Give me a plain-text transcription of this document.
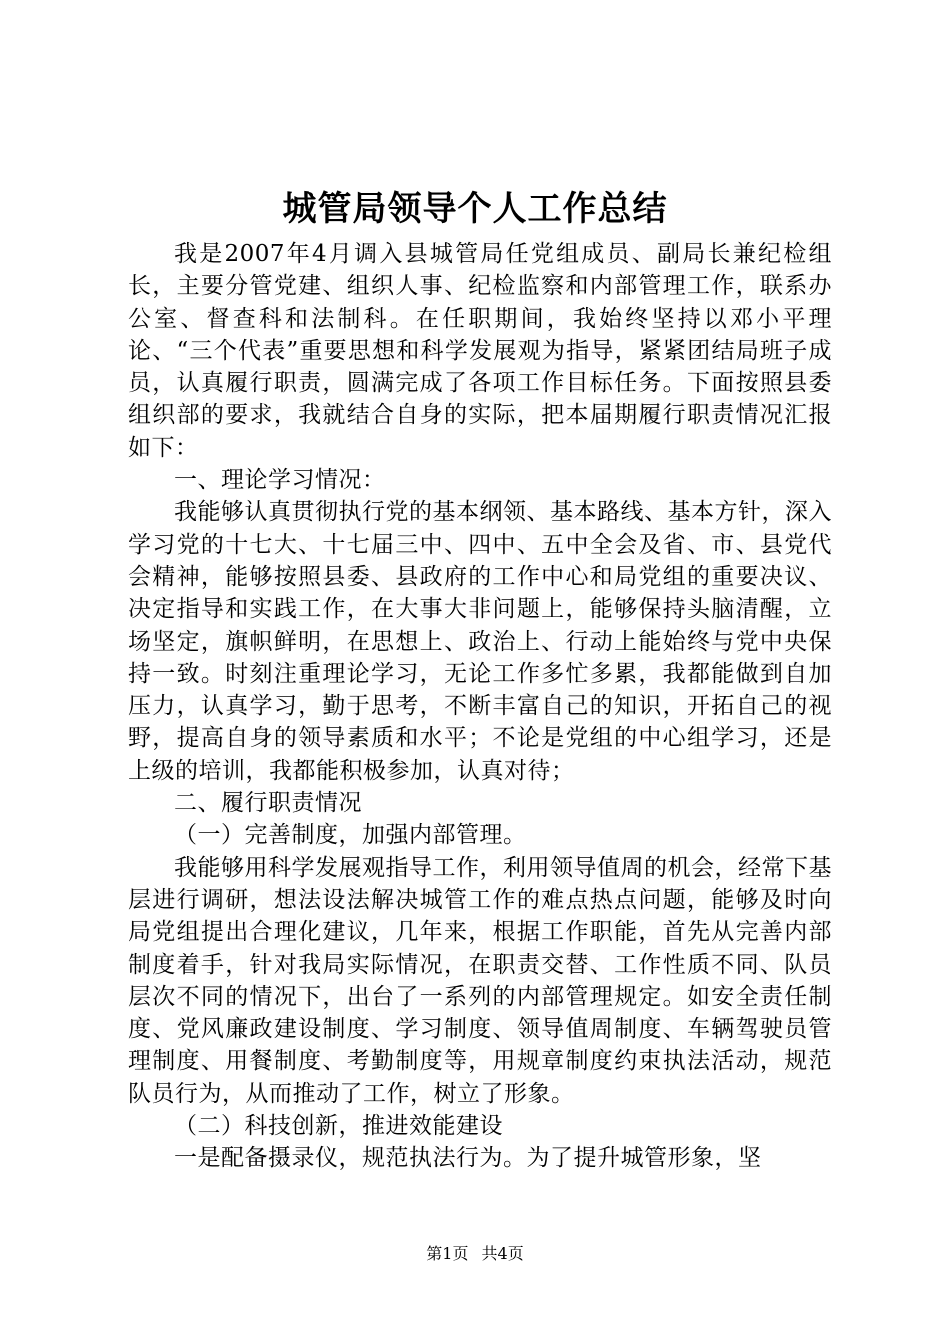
城管局领导个人工作总结

我是2007年4月调入县城管局任党组成员、副局长兼纪检组长，主要分管党建、组织人事、纪检监察和内部管理工作，联系办公室、督查科和法制科。在任职期间，我始终坚持以邓小平理论、“三个代表”重要思想和科学发展观为指导，紧紧团结局班子成员，认真履行职责，圆满完成了各项工作目标任务。下面按照县委组织部的要求，我就结合自身的实际，把本届期履行职责情况汇报如下：

一、理论学习情况：

我能够认真贯彻执行党的基本纲领、基本路线、基本方针，深入学习党的十七大、十七届三中、四中、五中全会及省、市、县党代会精神，能够按照县委、县政府的工作中心和局党组的重要决议、决定指导和实践工作，在大事大非问题上，能够保持头脑清醒，立场坚定，旗帜鲜明，在思想上、政治上、行动上能始终与党中央保持一致。时刻注重理论学习，无论工作多忙多累，我都能做到自加压力，认真学习，勤于思考，不断丰富自己的知识，开拓自己的视野，提高自身的领导素质和水平；不论是党组的中心组学习，还是上级的培训，我都能积极参加，认真对待；

二、履行职责情况

（一）完善制度，加强内部管理。

我能够用科学发展观指导工作，利用领导值周的机会，经常下基层进行调研，想法设法解决城管工作的难点热点问题，能够及时向局党组提出合理化建议，几年来，根据工作职能，首先从完善内部制度着手，针对我局实际情况，在职责交替、工作性质不同、队员层次不同的情况下，出台了一系列的内部管理规定。如安全责任制度、党风廉政建设制度、学习制度、领导值周制度、车辆驾驶员管理制度、用餐制度、考勤制度等，用规章制度约束执法活动，规范队员行为，从而推动了工作，树立了形象。

（二）科技创新，推进效能建设

一是配备摄录仪，规范执法行为。为了提升城管形象，坚

第1页 共4页
